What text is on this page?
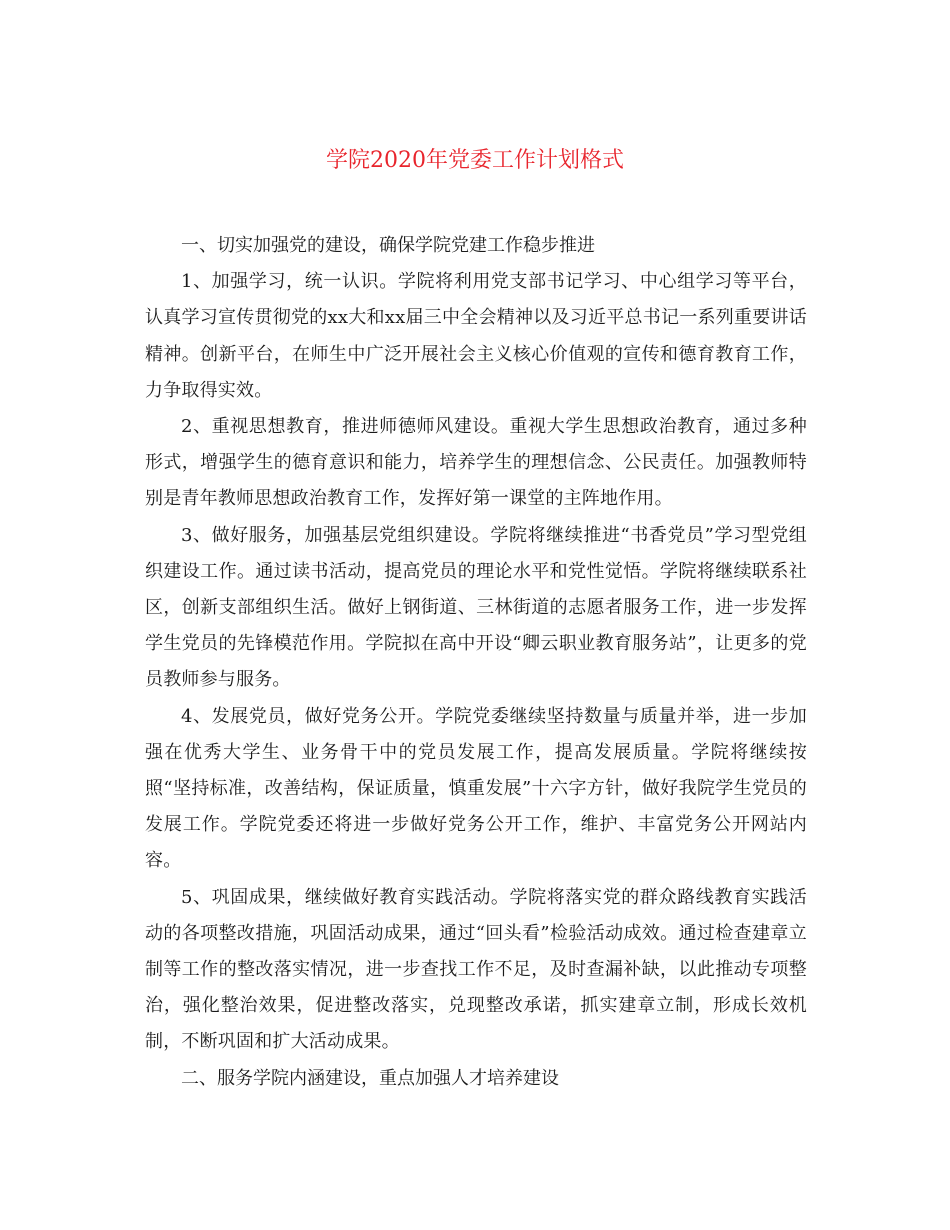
学院2020年党委工作计划格式

一、切实加强党的建设，确保学院党建工作稳步推进

1、加强学习，统一认识。学院将利用党支部书记学习、中心组学习等平台，认真学习宣传贯彻党的xx大和xx届三中全会精神以及习近平总书记一系列重要讲话精神。创新平台，在师生中广泛开展社会主义核心价值观的宣传和德育教育工作，力争取得实效。

2、重视思想教育，推进师德师风建设。重视大学生思想政治教育，通过多种形式，增强学生的德育意识和能力，培养学生的理想信念、公民责任。加强教师特别是青年教师思想政治教育工作，发挥好第一课堂的主阵地作用。

3、做好服务，加强基层党组织建设。学院将继续推进“书香党员”学习型党组织建设工作。通过读书活动，提高党员的理论水平和党性觉悟。学院将继续联系社区，创新支部组织生活。做好上钢街道、三林街道的志愿者服务工作，进一步发挥学生党员的先锋模范作用。学院拟在高中开设“卿云职业教育服务站”，让更多的党员教师参与服务。

4、发展党员，做好党务公开。学院党委继续坚持数量与质量并举，进一步加强在优秀大学生、业务骨干中的党员发展工作，提高发展质量。学院将继续按照“坚持标准，改善结构，保证质量，慎重发展”十六字方针，做好我院学生党员的发展工作。学院党委还将进一步做好党务公开工作，维护、丰富党务公开网站内容。

5、巩固成果，继续做好教育实践活动。学院将落实党的群众路线教育实践活动的各项整改措施，巩固活动成果，通过“回头看”检验活动成效。通过检查建章立制等工作的整改落实情况，进一步查找工作不足，及时查漏补缺，以此推动专项整治，强化整治效果，促进整改落实，兑现整改承诺，抓实建章立制，形成长效机制，不断巩固和扩大活动成果。

二、服务学院内涵建设，重点加强人才培养建设
